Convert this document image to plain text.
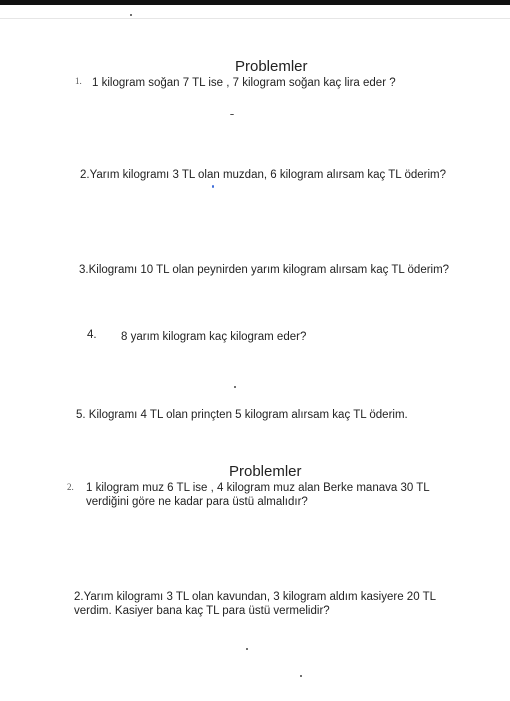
Problemler
1. 1 kilogram soğan 7 TL ise , 7 kilogram soğan kaç lira eder ?
2.Yarım kilogramı 3 TL olan muzdan, 6 kilogram alırsam kaç TL öderim?
3.Kilogramı 10 TL olan peynirden yarım kilogram alırsam kaç TL öderim?
4. 8 yarım kilogram kaç kilogram eder?
5. Kilogramı 4 TL olan prinçten 5 kilogram alırsam kaç TL öderim.
Problemler
2. 1 kilogram muz 6 TL ise , 4 kilogram muz alan Berke manava 30 TL
verdiğini göre ne kadar para üstü almalıdır?
2.Yarım kilogramı 3 TL olan kavundan, 3 kilogram aldım kasiyere 20 TL
verdim. Kasiyer bana kaç TL para üstü vermelidir?
